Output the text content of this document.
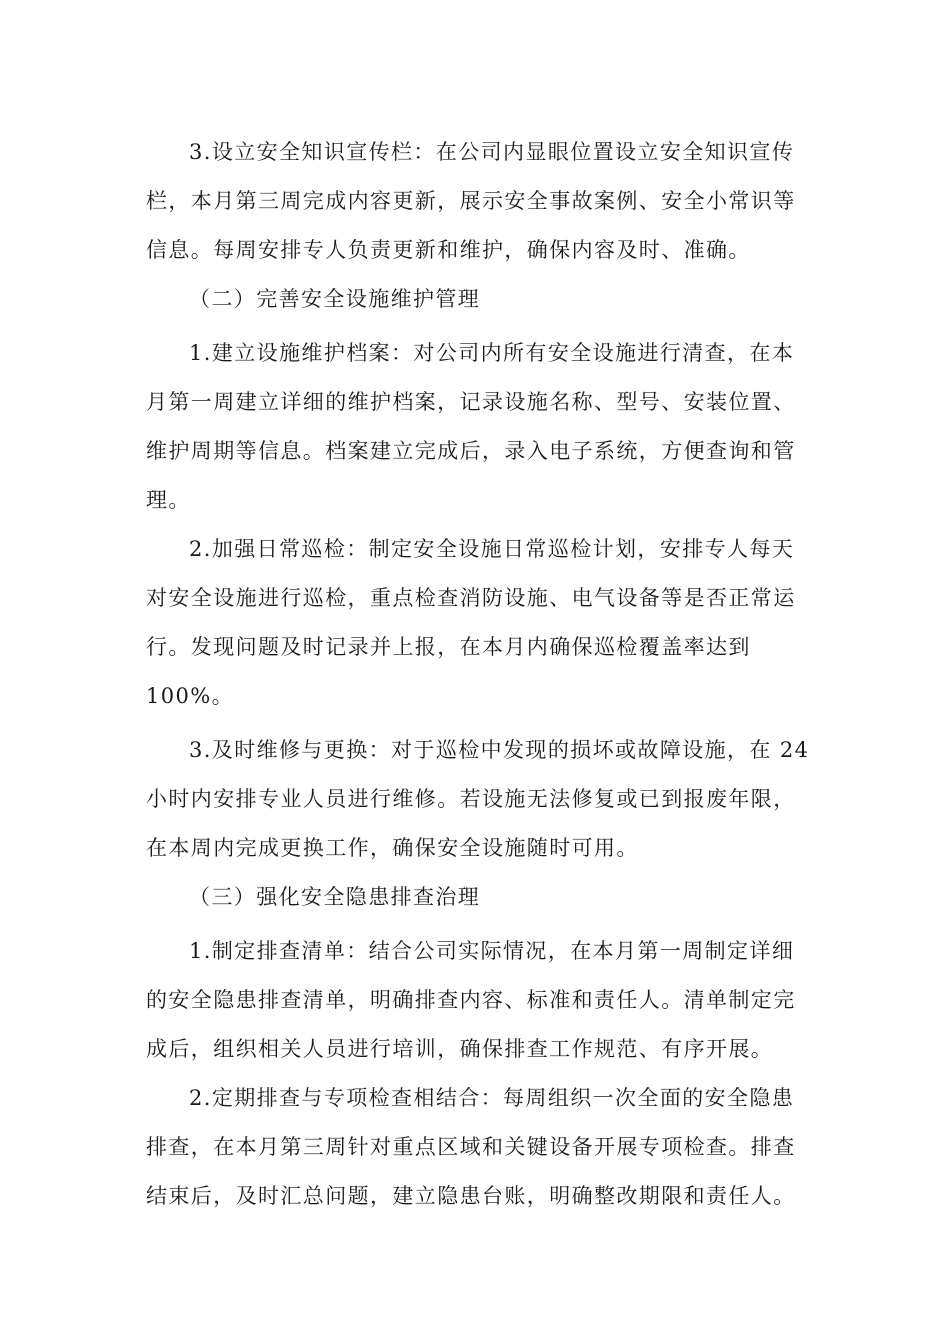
3.设立安全知识宣传栏：在公司内显眼位置设立安全知识宣传
栏，本月第三周完成内容更新，展示安全事故案例、安全小常识等
信息。每周安排专人负责更新和维护，确保内容及时、准确。
（二）完善安全设施维护管理
1.建立设施维护档案：对公司内所有安全设施进行清查，在本
月第一周建立详细的维护档案，记录设施名称、型号、安装位置、
维护周期等信息。档案建立完成后，录入电子系统，方便查询和管
理。
2.加强日常巡检：制定安全设施日常巡检计划，安排专人每天
对安全设施进行巡检，重点检查消防设施、电气设备等是否正常运
行。发现问题及时记录并上报，在本月内确保巡检覆盖率达到
100%。
3.及时维修与更换：对于巡检中发现的损坏或故障设施，在 24
小时内安排专业人员进行维修。若设施无法修复或已到报废年限，
在本周内完成更换工作，确保安全设施随时可用。
（三）强化安全隐患排查治理
1.制定排查清单：结合公司实际情况，在本月第一周制定详细
的安全隐患排查清单，明确排查内容、标准和责任人。清单制定完
成后，组织相关人员进行培训，确保排查工作规范、有序开展。
2.定期排查与专项检查相结合：每周组织一次全面的安全隐患
排查，在本月第三周针对重点区域和关键设备开展专项检查。排查
结束后，及时汇总问题，建立隐患台账，明确整改期限和责任人。
